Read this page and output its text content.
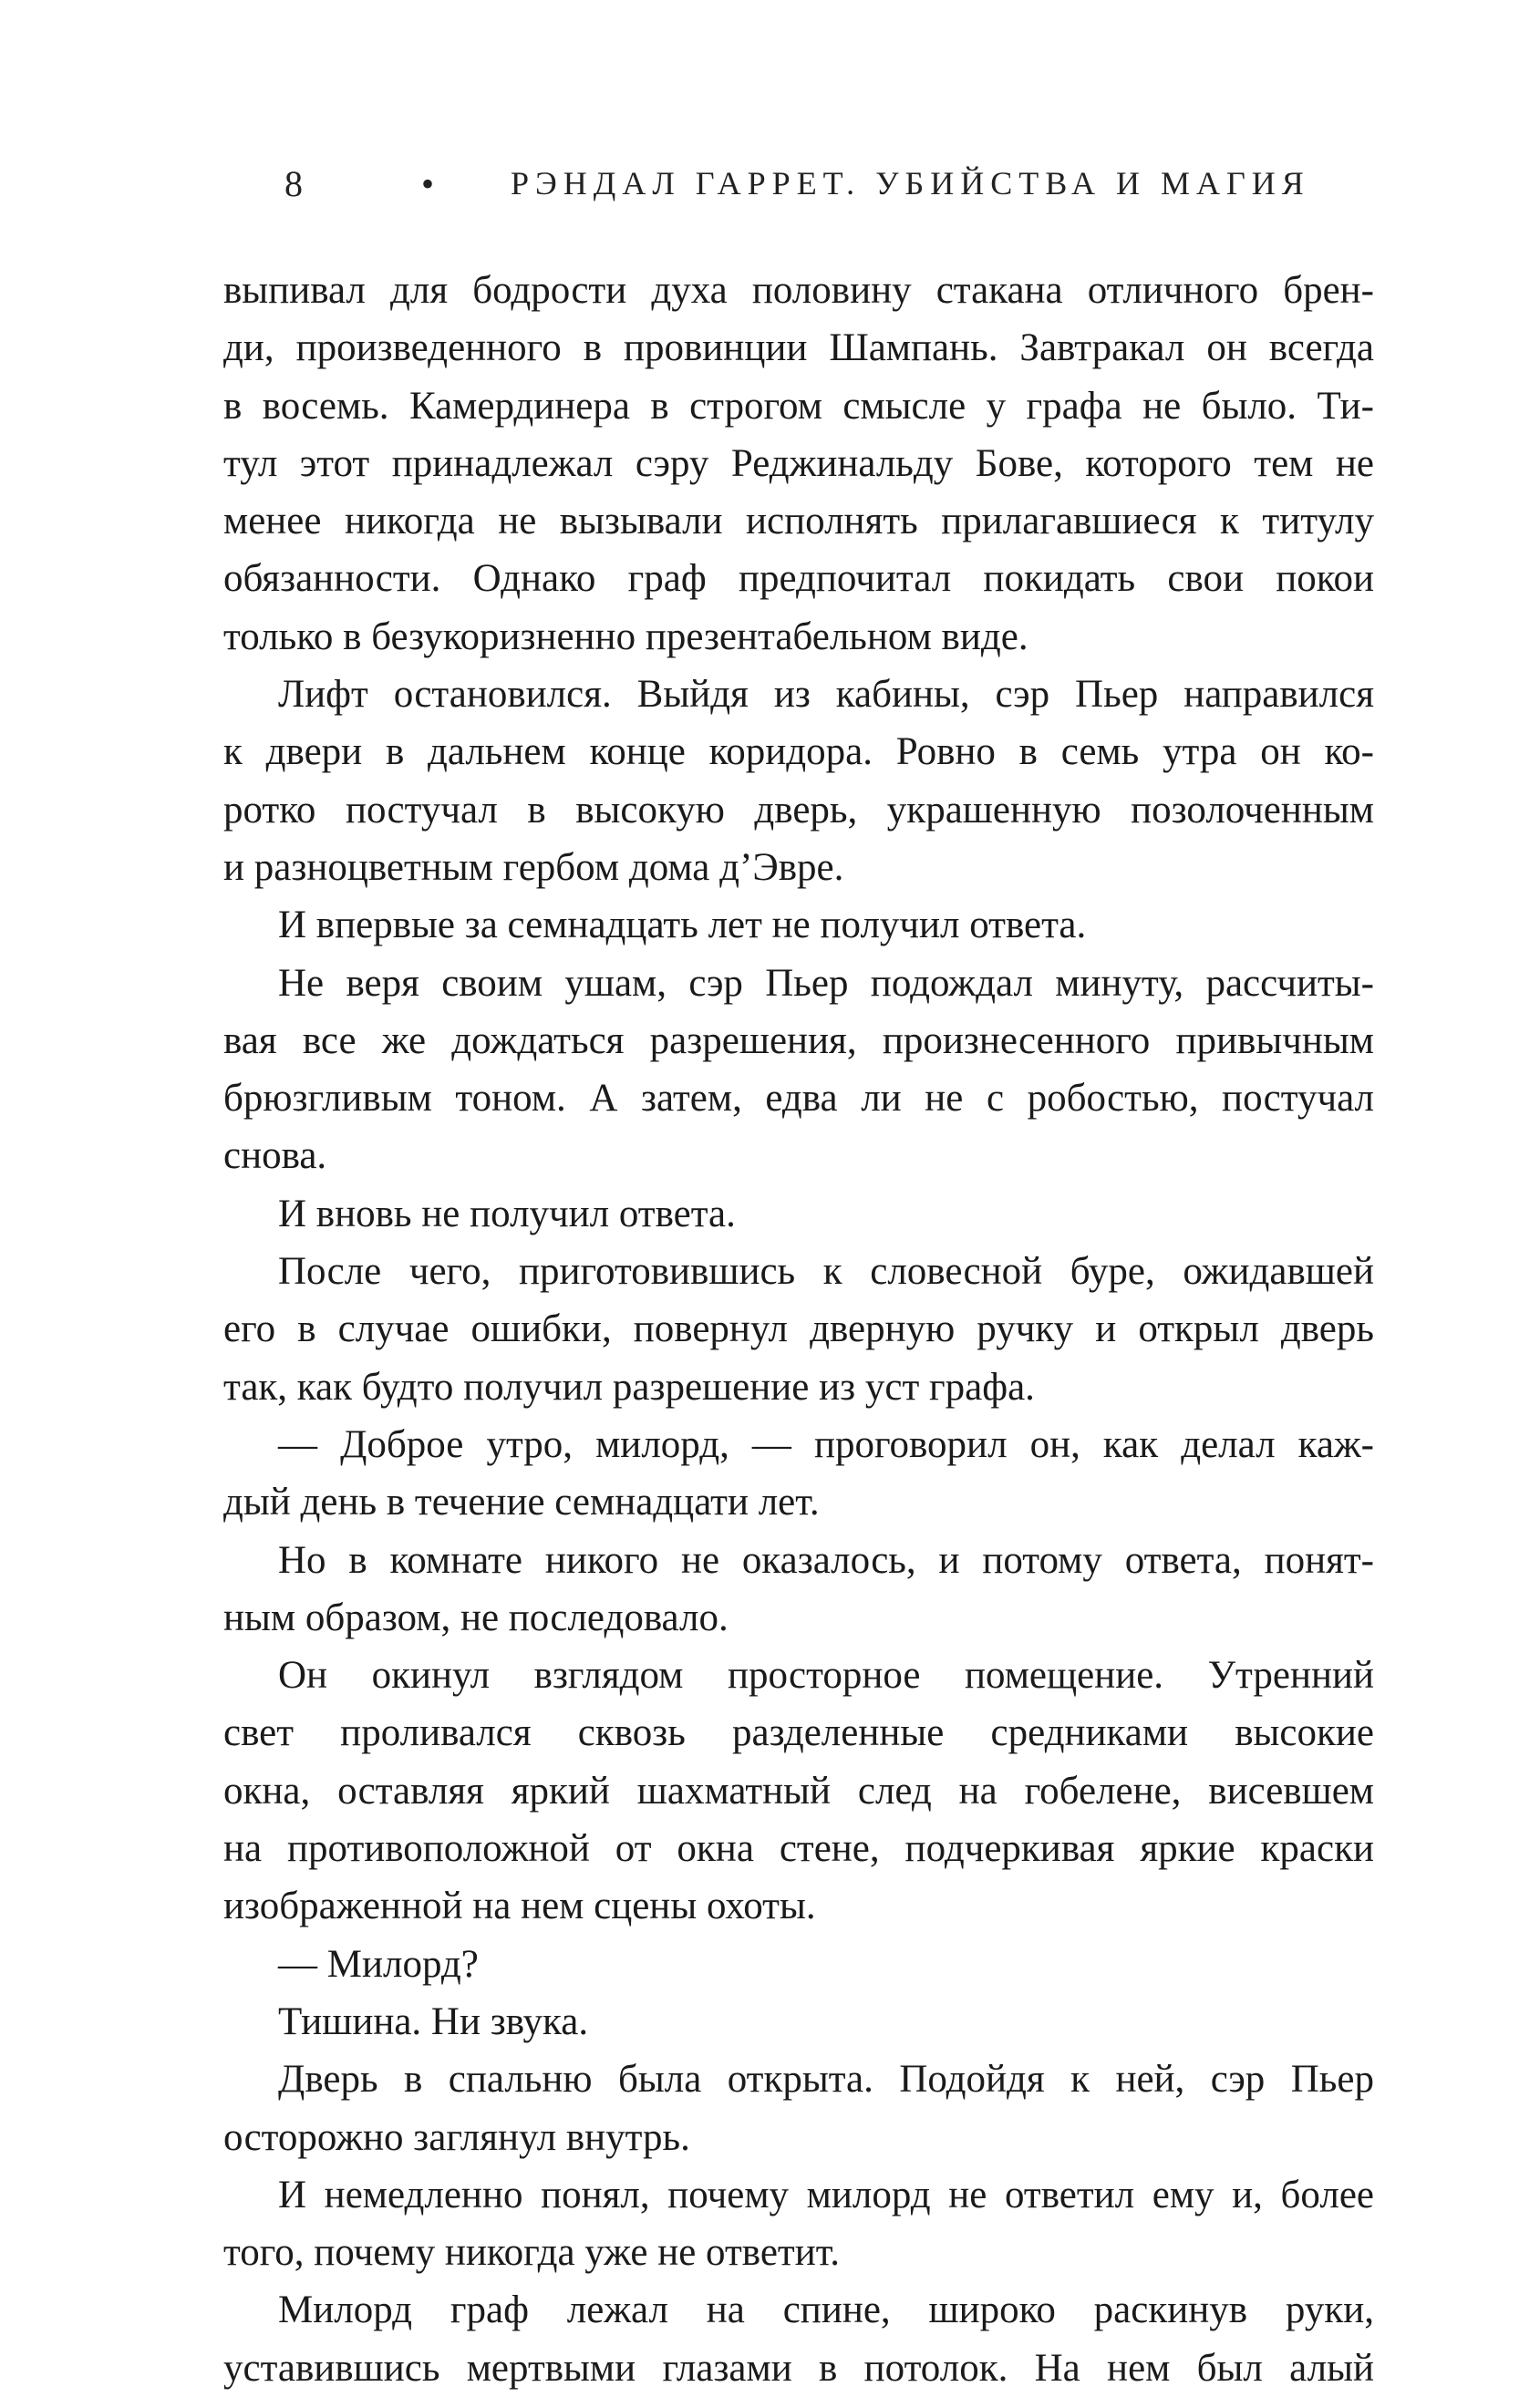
8	• РЭНДАЛ ГАРРЕТ. УБИЙСТВА И МАГИЯ
выпивал для бодрости духа половину стакана отличного брен-
ди, произведенного в провинции Шампань. Завтракал он всегда
в восемь. Камердинера в строгом смысле у графа не было. Ти-
тул этот принадлежал сэру Реджинальду Бове, которого тем не
менее никогда не вызывали исполнять прилагавшиеся к титулу
обязанности. Однако граф предпочитал покидать свои покои
только в безукоризненно презентабельном виде.
Лифт остановился. Выйдя из кабины, сэр Пьер направился
к двери в дальнем конце коридора. Ровно в семь утра он ко-
ротко постучал в высокую дверь, украшенную позолоченным
и разноцветным гербом дома д’Эвре.
И впервые за семнадцать лет не получил ответа.
Не веря своим ушам, сэр Пьер подождал минуту, рассчиты-
вая все же дождаться разрешения, произнесенного привычным
брюзгливым тоном. А затем, едва ли не с робостью, постучал
снова.
И вновь не получил ответа.
После чего, приготовившись к словесной буре, ожидавшей
его в случае ошибки, повернул дверную ручку и открыл дверь
так, как будто получил разрешение из уст графа.
— Доброе утро, милорд, — проговорил он, как делал каж-
дый день в течение семнадцати лет.
Но в комнате никого не оказалось, и потому ответа, понят-
ным образом, не последовало.
Он окинул взглядом просторное помещение. Утренний
свет проливался сквозь разделенные средниками высокие
окна, оставляя яркий шахматный след на гобелене, висевшем
на противоположной от окна стене, подчеркивая яркие краски
изображенной на нем сцены охоты.
— Милорд?
Тишина. Ни звука.
Дверь в спальню была открыта. Подойдя к ней, сэр Пьер
осторожно заглянул внутрь.
И немедленно понял, почему милорд не ответил ему и, более
того, почему никогда уже не ответит.
Милорд граф лежал на спине, широко раскинув руки,
уставившись мертвыми глазами в потолок. На нем был алый
